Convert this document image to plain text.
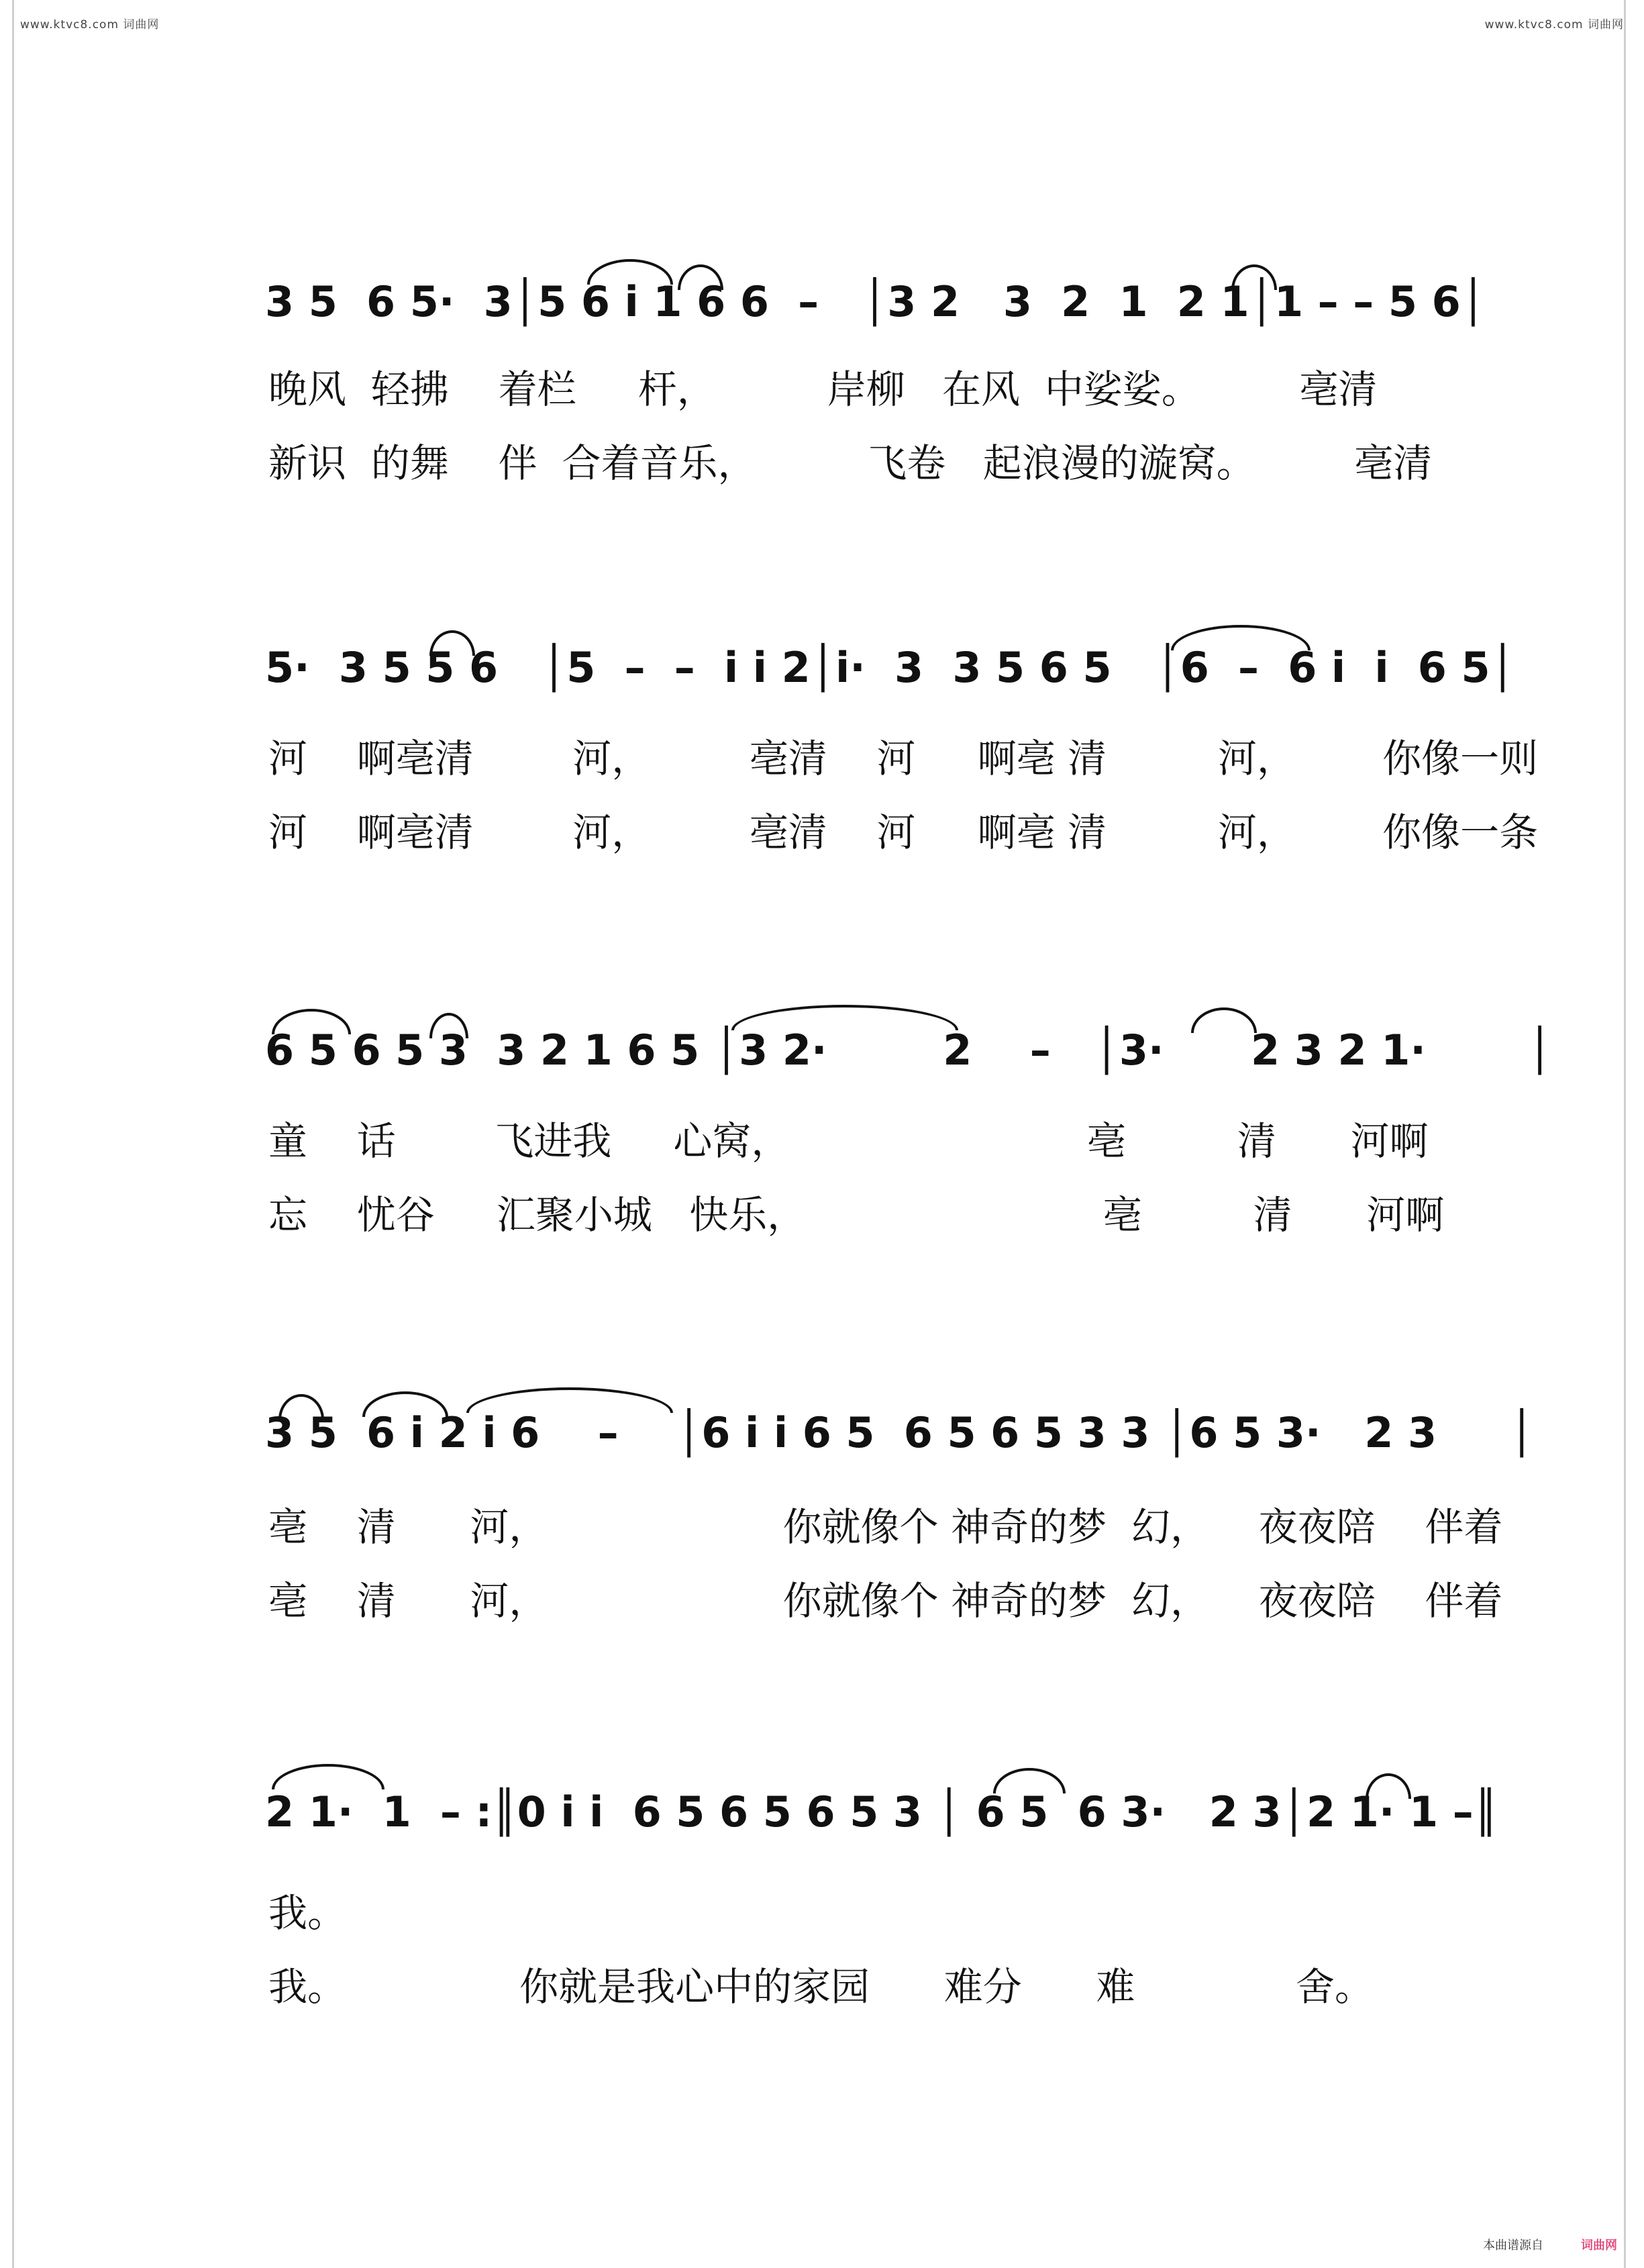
www.ktvc8.com 词曲网	www.ktvc8.com 词曲网

3 5  6 5·  3│5 6 i 1 6 6  –   │3 2   3  2  1  2 1│1 – – 5 6│

晚风  轻拂    着栏     杆，         岸柳   在风  中娑娑。        亳清
新识  的舞    伴  合着音乐，         飞卷   起浪漫的漩窝。        亳清

5·  3 5 5 6   │5  –  –  i i 2│i·  3  3 5 6 5   │6  –  6 i  i  6 5│

河    啊亳清        河，        亳清    河     啊亳 清         河，       你像一则
河    啊亳清        河，        亳清    河     啊亳 清         河，       你像一条

6 5 6 5 3  3 2 1 6 5 │3 2·        2    –   │3·      2 3 2 1·       │

童    话        飞进我     心窝，                        亳         清      河啊
忘    忧谷     汇聚小城   快乐，                        亳         清      河啊

3 5  6 i 2 i 6    –    │6 i i 6 5  6 5 6 5 3 3 │6 5 3·   2 3     │

亳    清      河，                   你就像个 神奇的梦  幻，    夜夜陪    伴着
亳    清      河，                   你就像个 神奇的梦  幻，    夜夜陪    伴着

2 1·  1  – :║0 i i  6 5 6 5 6 5 3 │ 6 5  6 3·   2 3│2 1· 1 –║

我。
我。              你就是我心中的家园      难分      难             舍。
本曲谱源自	词曲网
